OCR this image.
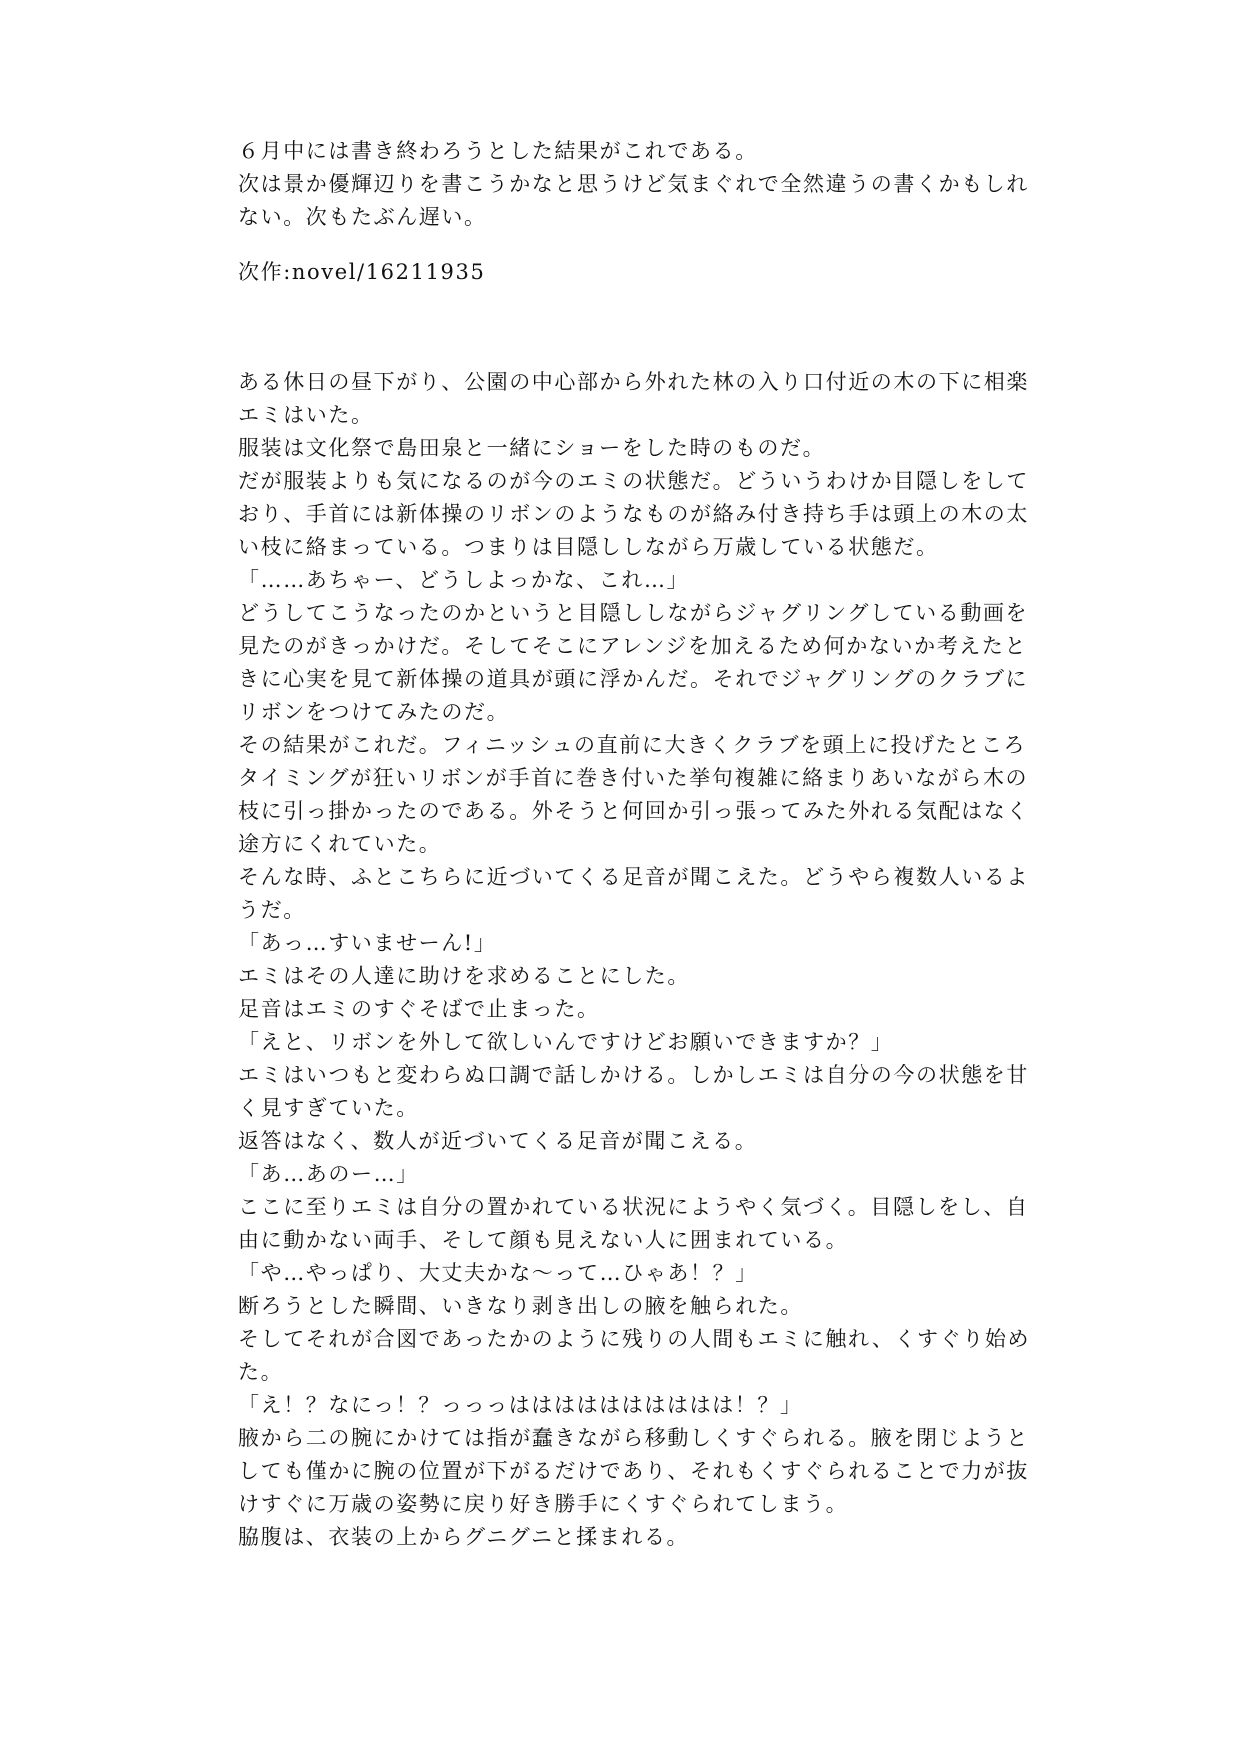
６月中には書き終わろうとした結果がこれである。
次は景か優輝辺りを書こうかなと思うけど気まぐれで全然違うの書くかもしれ
ない。次もたぶん遅い。
次作:novel/16211935
ある休日の昼下がり、公園の中心部から外れた林の入り口付近の木の下に相楽
エミはいた。
服装は文化祭で島田泉と一緒にショーをした時のものだ。
だが服装よりも気になるのが今のエミの状態だ。どういうわけか目隠しをして
おり、手首には新体操のリボンのようなものが絡み付き持ち手は頭上の木の太
い枝に絡まっている。つまりは目隠ししながら万歳している状態だ。
「……あちゃー、どうしよっかな、これ…」
どうしてこうなったのかというと目隠ししながらジャグリングしている動画を
見たのがきっかけだ。そしてそこにアレンジを加えるため何かないか考えたと
きに心実を見て新体操の道具が頭に浮かんだ。それでジャグリングのクラブに
リボンをつけてみたのだ。
その結果がこれだ。フィニッシュの直前に大きくクラブを頭上に投げたところ
タイミングが狂いリボンが手首に巻き付いた挙句複雑に絡まりあいながら木の
枝に引っ掛かったのである。外そうと何回か引っ張ってみた外れる気配はなく
途方にくれていた。
そんな時、ふとこちらに近づいてくる足音が聞こえた。どうやら複数人いるよ
うだ。
「あっ…すいませーん!」
エミはその人達に助けを求めることにした。
足音はエミのすぐそばで止まった。
「えと、リボンを外して欲しいんですけどお願いできますか？」
エミはいつもと変わらぬ口調で話しかける。しかしエミは自分の今の状態を甘
く見すぎていた。
返答はなく、数人が近づいてくる足音が聞こえる。
「あ…あのー…」
ここに至りエミは自分の置かれている状況にようやく気づく。目隠しをし、自
由に動かない両手、そして顔も見えない人に囲まれている。
「や…やっぱり、大丈夫かな〜って…ひゃあ！？」
断ろうとした瞬間、いきなり剥き出しの腋を触られた。
そしてそれが合図であったかのように残りの人間もエミに触れ、くすぐり始め
た。
「え！？なにっ！？っっっはははははははははは！？」
腋から二の腕にかけては指が蠢きながら移動しくすぐられる。腋を閉じようと
しても僅かに腕の位置が下がるだけであり、それもくすぐられることで力が抜
けすぐに万歳の姿勢に戻り好き勝手にくすぐられてしまう。
脇腹は、衣装の上からグニグニと揉まれる。
